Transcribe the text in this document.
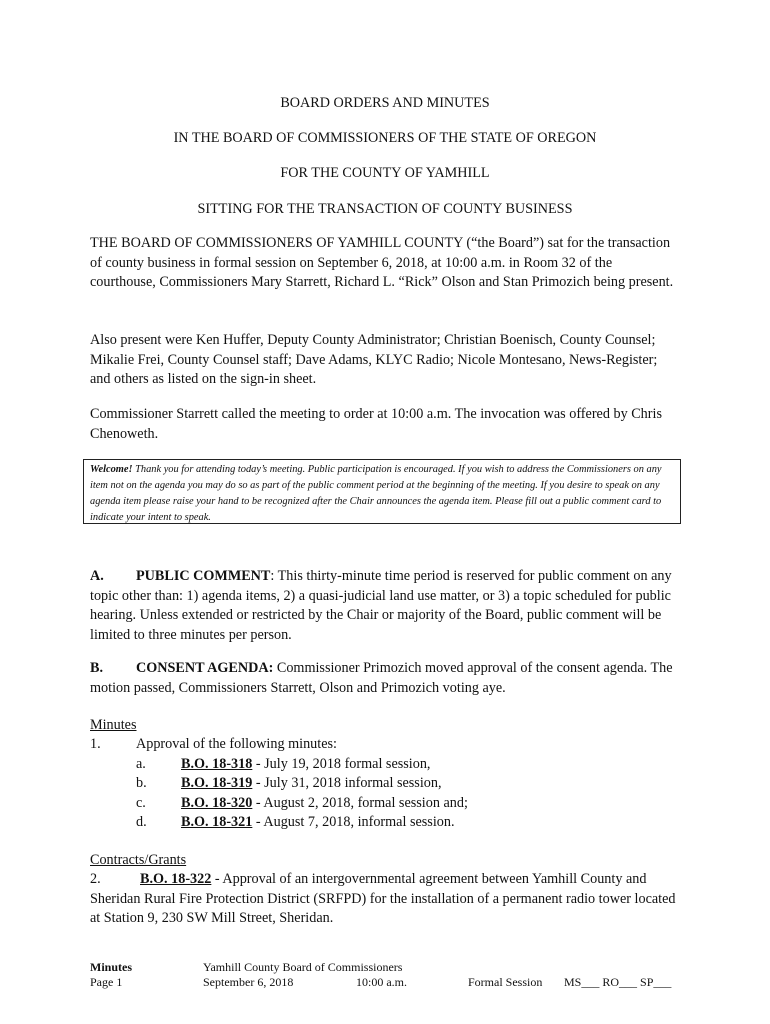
BOARD ORDERS AND MINUTES
IN THE BOARD OF COMMISSIONERS OF THE STATE OF OREGON
FOR THE COUNTY OF YAMHILL
SITTING FOR THE TRANSACTION OF COUNTY BUSINESS
THE BOARD OF COMMISSIONERS OF YAMHILL COUNTY (“the Board”) sat for the transaction of county business in formal session on September 6, 2018, at 10:00 a.m. in Room 32 of the courthouse, Commissioners Mary Starrett, Richard L. “Rick” Olson and Stan Primozich being present.
Also present were Ken Huffer, Deputy County Administrator; Christian Boenisch, County Counsel; Mikalie Frei, County Counsel staff; Dave Adams, KLYC Radio; Nicole Montesano, News-Register; and others as listed on the sign-in sheet.
Commissioner Starrett called the meeting to order at 10:00 a.m. The invocation was offered by Chris Chenoweth.
Welcome! Thank you for attending today’s meeting. Public participation is encouraged. If you wish to address the Commissioners on any item not on the agenda you may do so as part of the public comment period at the beginning of the meeting. If you desire to speak on any agenda item please raise your hand to be recognized after the Chair announces the agenda item. Please fill out a public comment card to indicate your intent to speak.
A. PUBLIC COMMENT: This thirty-minute time period is reserved for public comment on any topic other than: 1) agenda items, 2) a quasi-judicial land use matter, or 3) a topic scheduled for public hearing. Unless extended or restricted by the Chair or majority of the Board, public comment will be limited to three minutes per person.
B. CONSENT AGENDA: Commissioner Primozich moved approval of the consent agenda. The motion passed, Commissioners Starrett, Olson and Primozich voting aye.
Minutes
1. Approval of the following minutes:
a. B.O. 18-318 - July 19, 2018 formal session,
b. B.O. 18-319 - July 31, 2018 informal session,
c. B.O. 18-320 - August 2, 2018, formal session and;
d. B.O. 18-321 - August 7, 2018, informal session.
Contracts/Grants
2.	B.O. 18-322 - Approval of an intergovernmental agreement between Yamhill County and Sheridan Rural Fire Protection District (SRFPD) for the installation of a permanent radio tower located at Station 9, 230 SW Mill Street, Sheridan.
Minutes
Page 1
Yamhill County Board of Commissioners
September 6, 2018	10:00 a.m.	Formal Session MS___ RO___ SP___
